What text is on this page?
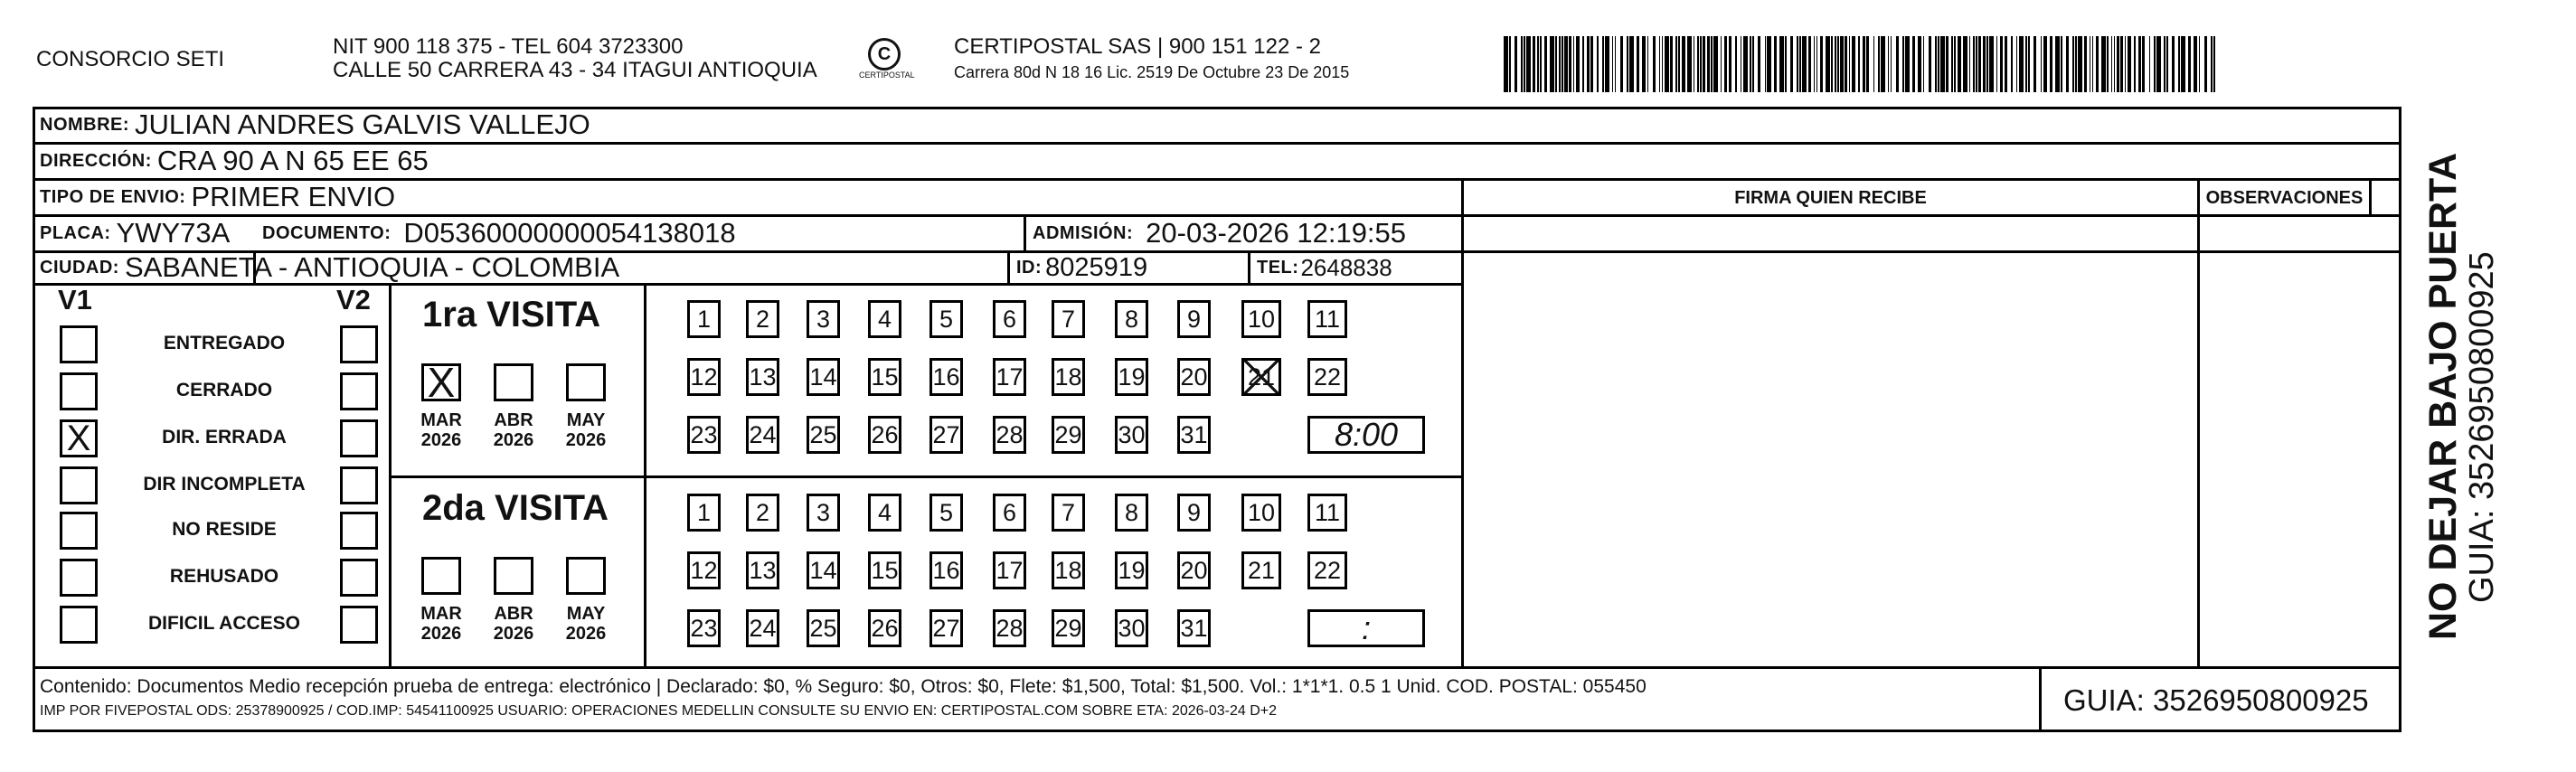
CONSORCIO SETI
NIT 900 118 375 - TEL 604 3723300
CALLE 50 CARRERA 43 - 34 ITAGUI ANTIOQUIA
C
CERTIPOSTAL
CERTIPOSTAL SAS | 900 151 122 - 2
Carrera 80d N 18 16 Lic. 2519 De Octubre 23 De 2015
NOMBRE: JULIAN ANDRES GALVIS VALLEJO
DIRECCIÓN: CRA 90 A N 65 EE 65
TIPO DE ENVIO: PRIMER ENVIO	FIRMA QUIEN RECIBE	OBSERVACIONES
PLACA: YWY73A DOCUMENTO: D05360000000054138018	ADMISIÓN: 20-03-2026 12:19:55
CIUDAD: SABANETA - ANTIOQUIA - COLOMBIA	ID: 8025919	TEL: 2648838
V1	V2
ENTREGADO
CERRADO
X	DIR. ERRADA
DIR INCOMPLETA
NO RESIDE
REHUSADO
DIFICIL ACCESO
1ra VISITA
X
MAR
2026
ABR
2026
MAY
2026
1	2	3	4	5	6	7	8	9	10 11
12 13 14 15 16 17 18 19 20 21 22
23 24 25 26 27 28 29 30 31	8:00
2da VISITA
MAR
2026
ABR
2026
MAY
2026
1	2	3	4	5	6	7	8	9	10 11
12 13 14 15 16 17 18 19 20 21 22
23 24 25 26 27 28 29 30 31	:
Contenido: Documentos Medio recepción prueba de entrega: electrónico | Declarado: $0, % Seguro: $0, Otros: $0, Flete: $1,500, Total: $1,500. Vol.: 1*1*1. 0.5 1 Unid. COD. POSTAL: 055450
IMP POR FIVEPOSTAL ODS: 25378900925 / COD.IMP: 54541100925 USUARIO: OPERACIONES MEDELLIN CONSULTE SU ENVIO EN: CERTIPOSTAL.COM SOBRE ETA: 2026-03-24 D+2	GUIA: 3526950800925
NO DEJAR BAJO PUERTA
GUIA: 3526950800925
